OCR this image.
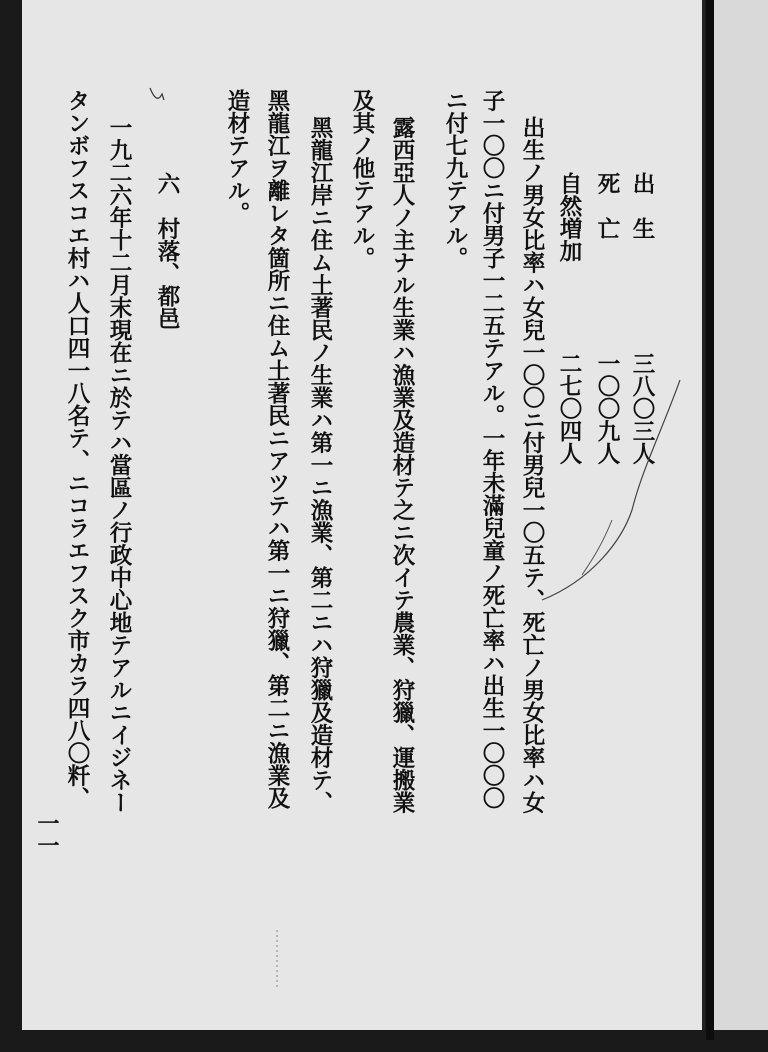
出　生　　　　　三八〇三人
死　亡　　　　　一〇〇九人
自然増加　　　　二七〇四人
出生ノ男女比率ハ女兒一〇〇ニ付男兒一〇五テ、死亡ノ男女比率ハ女
子一〇〇ニ付男子一二五テアル。一年未滿兒童ノ死亡率ハ出生一〇〇〇
ニ付七九テアル。
露西亞人ノ主ナル生業ハ漁業及造材テ之ニ次イテ農業、狩獵、運搬業
及其ノ他テアル。
黑龍江岸ニ住ム土著民ノ生業ハ第一ニ漁業、第二ニハ狩獵及造材テ、
黑龍江ヲ離レタ箇所ニ住ム土著民ニアツテハ第一ニ狩獵、第二ニ漁業及
造材テアル。
六　村落、都邑
一九二六年十二月末現在ニ於テハ當區ノ行政中心地テアルニイジネー
タンボフスコエ村ハ人口四一八名テ、ニコラエフスク市カラ四八〇粁、
一一
